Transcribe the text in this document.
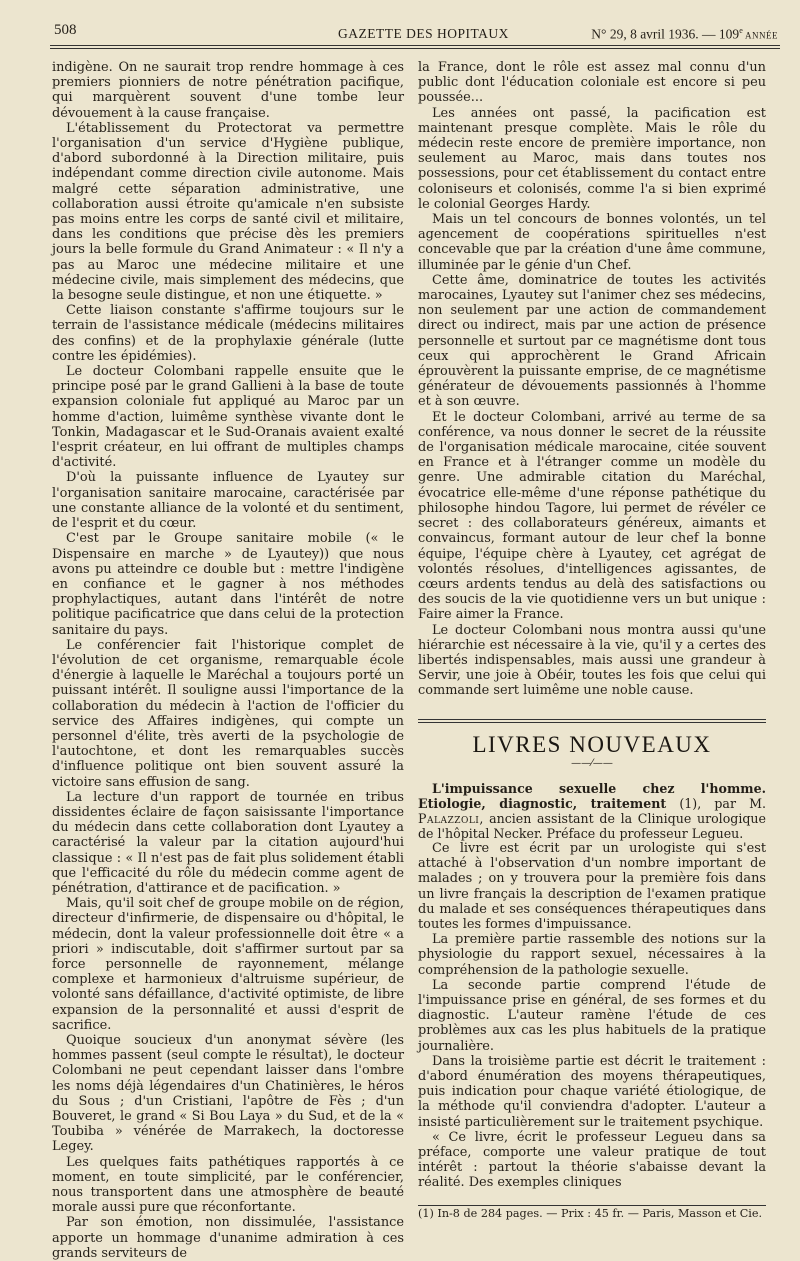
508	GAZETTE DES HOPITAUX	N° 29, 8 avril 1936. — 109e ANNÉE

indigène. On ne saurait trop rendre hommage à ces premiers pionniers de notre pénétration pacifique, qui marquèrent souvent d'une tombe leur dévouement à la cause française.

L'établissement du Protectorat va permettre l'organisation d'un service d'Hygiène publique, d'abord subordonné à la Direction militaire, puis indépendant comme direction civile autonome. Mais malgré cette séparation administrative, une collaboration aussi étroite qu'amicale n'en subsiste pas moins entre les corps de santé civil et militaire, dans les conditions que précise dès les premiers jours la belle formule du Grand Animateur : « Il n'y a pas au Maroc une médecine militaire et une médecine civile, mais simplement des médecins, que la besogne seule distingue, et non une étiquette. »

Cette liaison constante s'affirme toujours sur le terrain de l'assistance médicale (médecins militaires des confins) et de la prophylaxie générale (lutte contre les épidémies).

Le docteur Colombani rappelle ensuite que le principe posé par le grand Gallieni à la base de toute expansion coloniale fut appliqué au Maroc par un homme d'action, luimême synthèse vivante dont le Tonkin, Madagascar et le Sud-Oranais avaient exalté l'esprit créateur, en lui offrant de multiples champs d'activité.

D'où la puissante influence de Lyautey sur l'organisation sanitaire marocaine, caractérisée par une constante alliance de la volonté et du sentiment, de l'esprit et du cœur.

C'est par le Groupe sanitaire mobile (« le Dispensaire en marche » de Lyautey)) que nous avons pu atteindre ce double but : mettre l'indigène en confiance et le gagner à nos méthodes prophylactiques, autant dans l'intérêt de notre politique pacificatrice que dans celui de la protection sanitaire du pays.

Le conférencier fait l'historique complet de l'évolution de cet organisme, remarquable école d'énergie à laquelle le Maréchal a toujours porté un puissant intérêt. Il souligne aussi l'importance de la collaboration du médecin à l'action de l'officier du service des Affaires indigènes, qui compte un personnel d'élite, très averti de la psychologie de l'autochtone, et dont les remarquables succès d'influence politique ont bien souvent assuré la victoire sans effusion de sang.

La lecture d'un rapport de tournée en tribus dissidentes éclaire de façon saisissante l'importance du médecin dans cette collaboration dont Lyautey a caractérisé la valeur par la citation aujourd'hui classique : « Il n'est pas de fait plus solidement établi que l'efficacité du rôle du médecin comme agent de pénétration, d'attirance et de pacification. »

Mais, qu'il soit chef de groupe mobile on de région, directeur d'infirmerie, de dispensaire ou d'hôpital, le médecin, dont la valeur professionnelle doit être « a priori » indiscutable, doit s'affirmer surtout par sa force personnelle de rayonnement, mélange complexe et harmonieux d'altruisme supérieur, de volonté sans défaillance, d'activité optimiste, de libre expansion de la personnalité et aussi d'esprit de sacrifice.

Quoique soucieux d'un anonymat sévère (les hommes passent (seul compte le résultat), le docteur Colombani ne peut cependant laisser dans l'ombre les noms déjà légendaires d'un Chatinières, le héros du Sous ; d'un Cristiani, l'apôtre de Fès ; d'un Bouveret, le grand « Si Bou Laya » du Sud, et de la « Toubiba » vénérée de Marrakech, la doctoresse Legey.

Les quelques faits pathétiques rapportés à ce moment, en toute simplicité, par le conférencier, nous transportent dans une atmosphère de beauté morale aussi pure que réconfortante.

Par son émotion, non dissimulée, l'assistance apporte un hommage d'unanime admiration à ces grands serviteurs de

la France, dont le rôle est assez mal connu d'un public dont l'éducation coloniale est encore si peu poussée...

Les années ont passé, la pacification est maintenant presque complète. Mais le rôle du médecin reste encore de première importance, non seulement au Maroc, mais dans toutes nos possessions, pour cet établissement du contact entre coloniseurs et colonisés, comme l'a si bien exprimé le colonial Georges Hardy.

Mais un tel concours de bonnes volontés, un tel agencement de coopérations spirituelles n'est concevable que par la création d'une âme commune, illuminée par le génie d'un Chef.

Cette âme, dominatrice de toutes les activités marocaines, Lyautey sut l'animer chez ses médecins, non seulement par une action de commandement direct ou indirect, mais par une action de présence personnelle et surtout par ce magnétisme dont tous ceux qui approchèrent le Grand Africain éprouvèrent la puissante emprise, de ce magnétisme générateur de dévouements passionnés à l'homme et à son œuvre.

Et le docteur Colombani, arrivé au terme de sa conférence, va nous donner le secret de la réussite de l'organisation médicale marocaine, citée souvent en France et à l'étranger comme un modèle du genre. Une admirable citation du Maréchal, évocatrice elle-même d'une réponse pathétique du philosophe hindou Tagore, lui permet de révéler ce secret : des collaborateurs généreux, aimants et convaincus, formant autour de leur chef la bonne équipe, l'équipe chère à Lyautey, cet agrégat de volontés résolues, d'intelligences agissantes, de cœurs ardents tendus au delà des satisfactions ou des soucis de la vie quotidienne vers un but unique : Faire aimer la France.

Le docteur Colombani nous montra aussi qu'une hiérarchie est nécessaire à la vie, qu'il y a certes des libertés indispensables, mais aussi une grandeur à Servir, une joie à Obéir, toutes les fois que celui qui commande sert luimême une noble cause.

LIVRES NOUVEAUX
——⁄——

L'impuissance sexuelle chez l'homme. Etiologie, diagnostic, traitement (1), par M. Palazzoli, ancien assistant de la Clinique urologique de l'hôpital Necker. Préface du professeur Legueu.

Ce livre est écrit par un urologiste qui s'est attaché à l'observation d'un nombre important de malades ; on y trouvera pour la première fois dans un livre français la description de l'examen pratique du malade et ses conséquences thérapeutiques dans toutes les formes d'impuissance.

La première partie rassemble des notions sur la physiologie du rapport sexuel, nécessaires à la compréhension de la pathologie sexuelle.

La seconde partie comprend l'étude de l'impuissance prise en général, de ses formes et du diagnostic. L'auteur ramène l'étude de ces problèmes aux cas les plus habituels de la pratique journalière.

Dans la troisième partie est décrit le traitement : d'abord énumération des moyens thérapeutiques, puis indication pour chaque variété étiologique, de la méthode qu'il conviendra d'adopter. L'auteur a insisté particulièrement sur le traitement psychique.

« Ce livre, écrit le professeur Legueu dans sa préface, comporte une valeur pratique de tout intérêt : partout la théorie s'abaisse devant la réalité. Des exemples cliniques

(1) In-8 de 284 pages. — Prix : 45 fr. — Paris, Masson et Cie.
